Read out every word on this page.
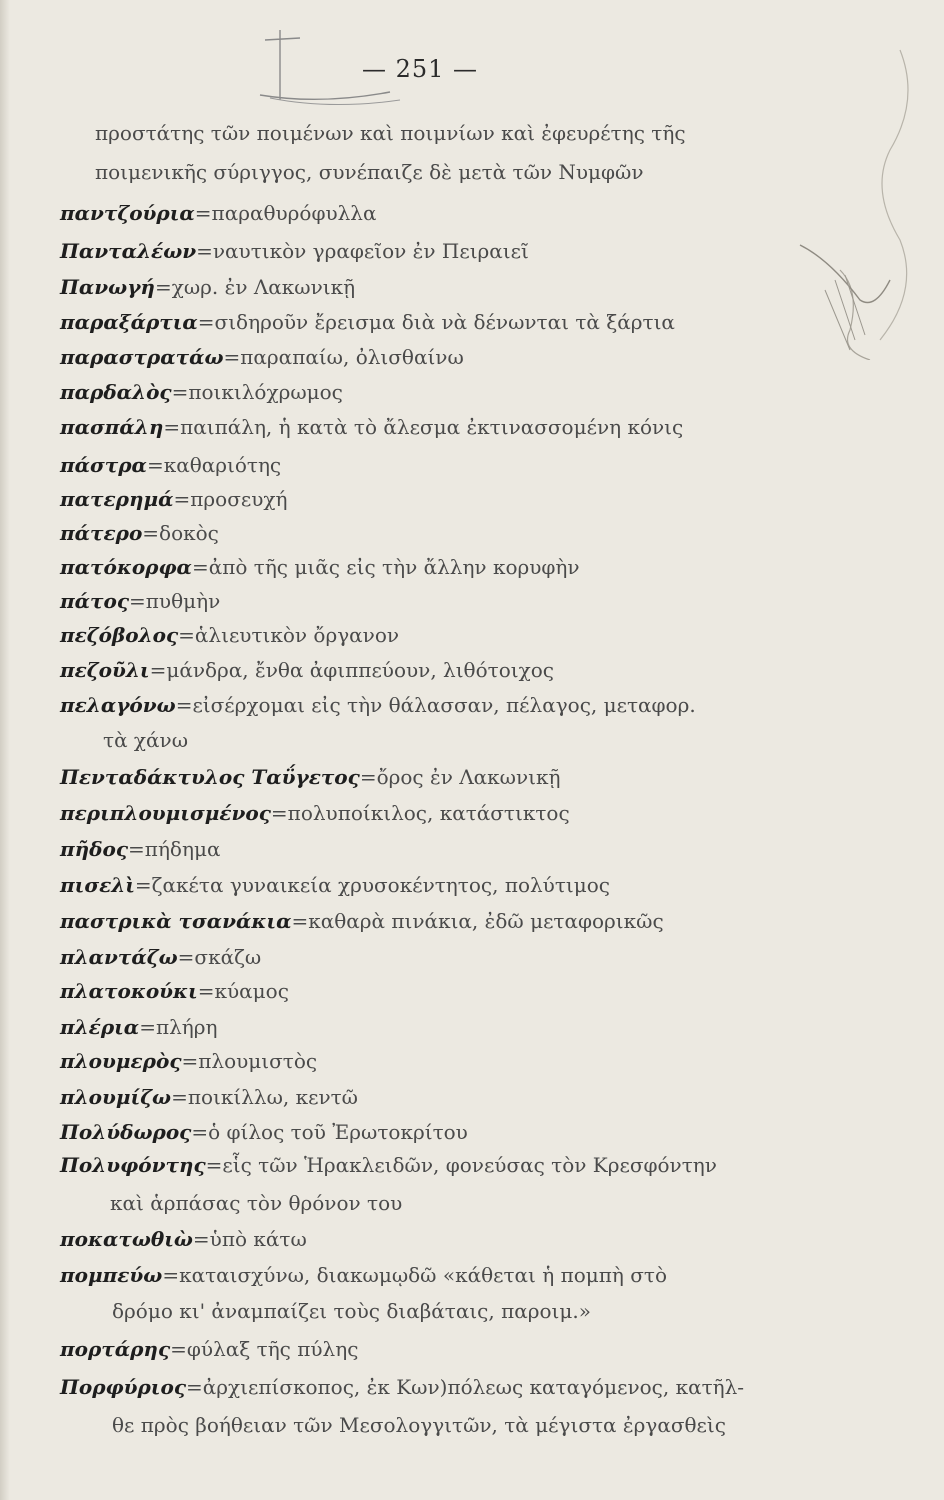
— 251 —
προστάτης τῶν ποιμένων καὶ ποιμνίων καὶ ἐφευρέτης τῆς
ποιμενικῆς σύριγγος, συνέπαιζε δὲ μετὰ τῶν Νυμφῶν
παντζούρια=παραθυρόφυλλα
Πανταλέων=ναυτικὸν γραφεῖον ἐν Πειραιεῖ
Πανωγή=χωρ. ἐν Λακωνικῇ
παραξάρτια=σιδηροῦν ἔρεισμα διὰ νὰ δένωνται τὰ ξάρτια
παραστρατάω=παραπαίω, ὀλισθαίνω
παρδαλὸς=ποικιλόχρωμος
πασπάλη=παιπάλη, ἡ κατὰ τὸ ἄλεσμα ἐκτινασσομένη κόνις
πάστρα=καθαριότης
πατερημά=προσευχή
πάτερο=δοκὸς
πατόκορφα=ἀπὸ τῆς μιᾶς εἰς τὴν ἄλλην κορυφὴν
πάτος=πυθμὴν
πεζόβολος=ἁλιευτικὸν ὄργανον
πεζοῦλι=μάνδρα, ἔνθα ἀφιππεύουν, λιθότοιχος
πελαγόνω=εἰσέρχομαι εἰς τὴν θάλασσαν, πέλαγος, μεταφορ.
τὰ χάνω
Πενταδάκτυλος Ταΰγετος=ὄρος ἐν Λακωνικῇ
περιπλουμισμένος=πολυποίκιλος, κατάστικτος
πῆδος=πήδημα
πισελὶ=ζακέτα γυναικεία χρυσοκέντητος, πολύτιμος
παστρικὰ τσανάκια=καθαρὰ πινάκια, ἐδῶ μεταφορικῶς
πλαντάζω=σκάζω
πλατοκούκι=κύαμος
πλέρια=πλήρη
πλουμερὸς=πλουμιστὸς
πλουμίζω=ποικίλλω, κεντῶ
Πολύδωρος=ὁ φίλος τοῦ Ἐρωτοκρίτου
Πολυφόντης=εἷς τῶν Ἡρακλειδῶν, φονεύσας τὸν Κρεσφόντην
καὶ ἁρπάσας τὸν θρόνον του
ποκατωθιὼ=ὑπὸ κάτω
πομπεύω=καταισχύνω, διακωμῳδῶ «κάθεται ἡ πομπὴ στὸ
δρόμο κι' ἀναμπαίζει τοὺς διαβάταις, παροιμ.»
πορτάρης=φύλαξ τῆς πύλης
Πορφύριος=ἀρχιεπίσκοπος, ἐκ Κων)πόλεως καταγόμενος, κατῆλ-
θε πρὸς βοήθειαν τῶν Μεσολογγιτῶν, τὰ μέγιστα ἐργασθεὶς
